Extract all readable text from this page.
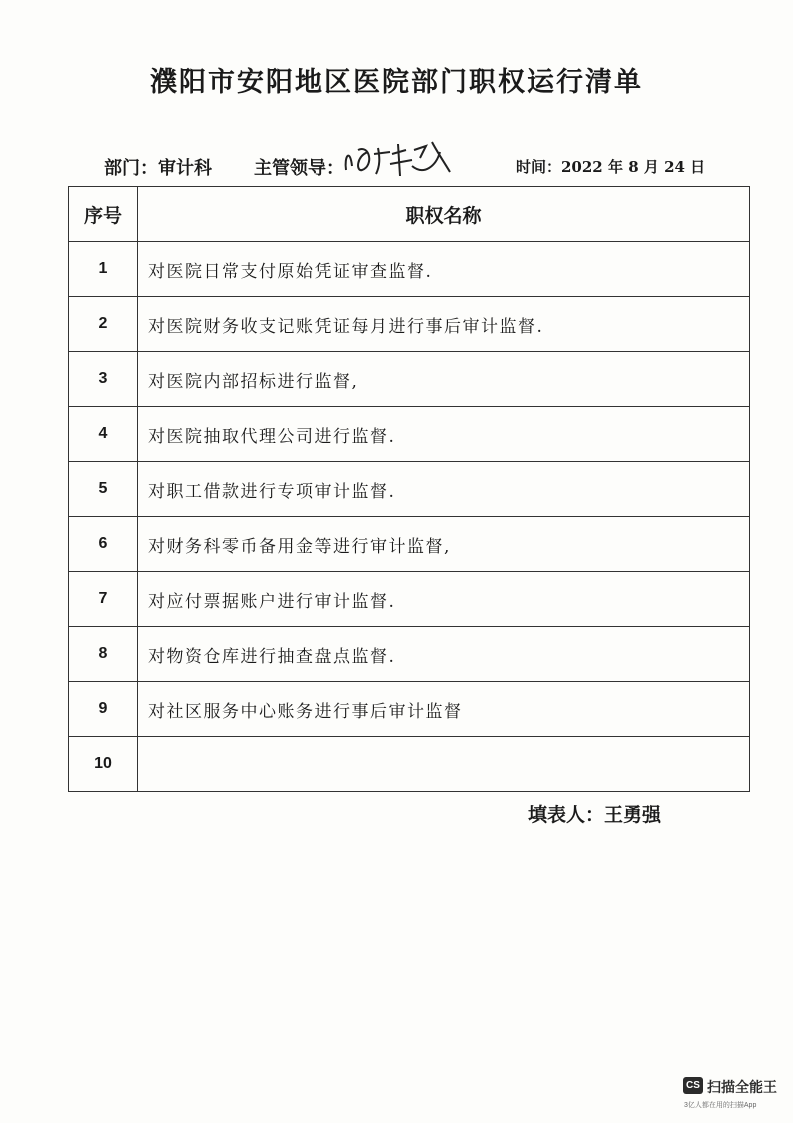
濮阳市安阳地区医院部门职权运行清单
部门：审计科 主管领导：	时间：2022 年 8 月 24 日
序号	职权名称
1	对医院日常支付原始凭证审查监督.
2	对医院财务收支记账凭证每月进行事后审计监督.
3	对医院内部招标进行监督,
4	对医院抽取代理公司进行监督.
5	对职工借款进行专项审计监督.
6	对财务科零币备用金等进行审计监督,
7	对应付票据账户进行审计监督.
8	对物资仓库进行抽查盘点监督.
9	对社区服务中心账务进行事后审计监督
10	
填表人：王勇强
CS 扫描全能王
3亿人都在用的扫描App
